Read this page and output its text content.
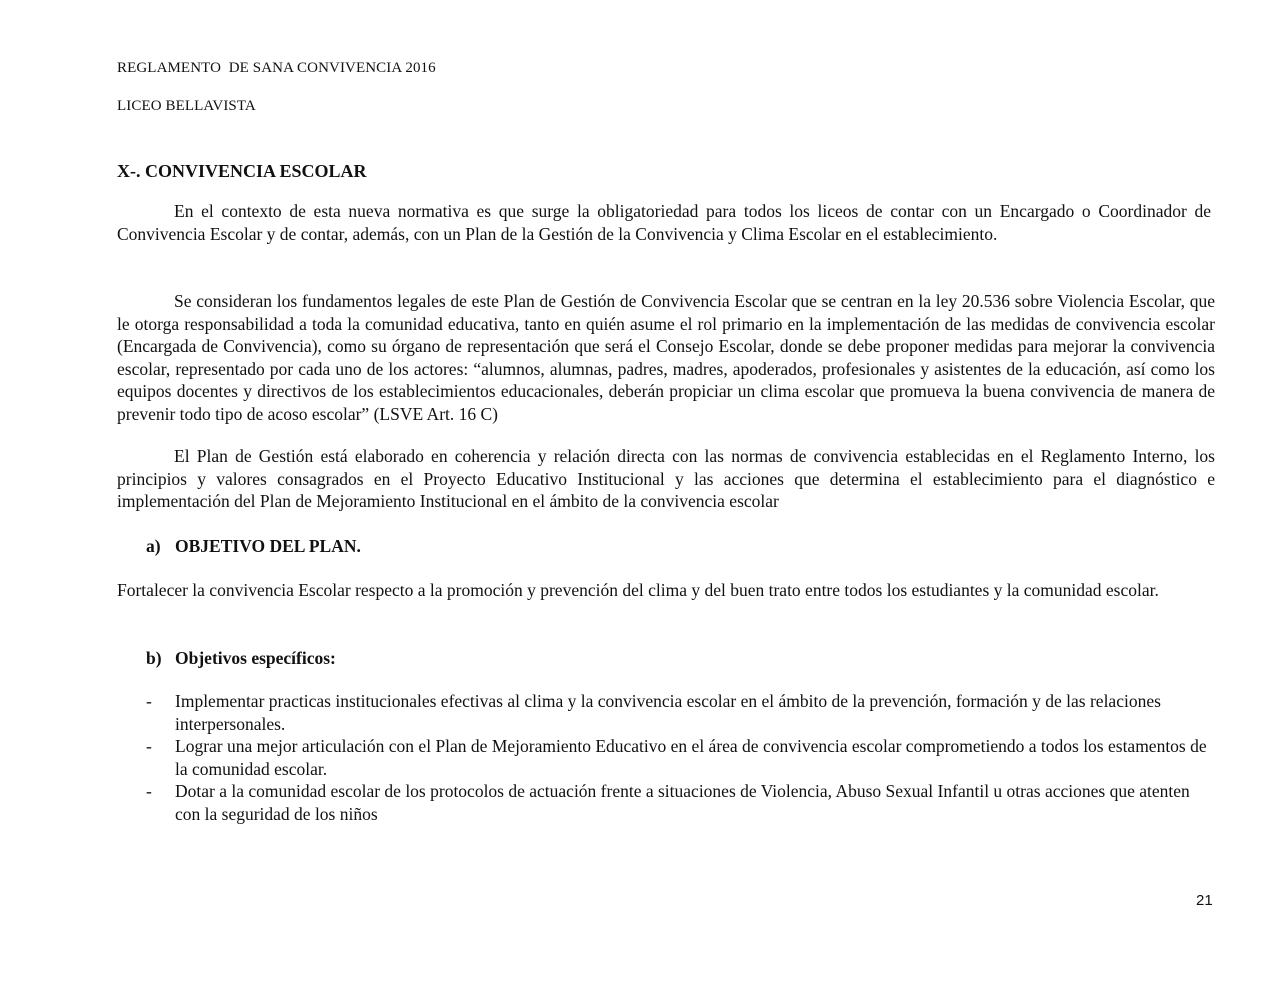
REGLAMENTO  DE SANA CONVIVENCIA 2016
LICEO BELLAVISTA
X-. CONVIVENCIA ESCOLAR

En el contexto de esta nueva normativa es que surge la obligatoriedad para todos los liceos de contar con un Encargado o Coordinador de Convivencia Escolar y de contar, además, con un Plan de la Gestión de la Convivencia y Clima Escolar en el establecimiento.

Se consideran los fundamentos legales de este Plan de Gestión de Convivencia Escolar que se centran en la ley 20.536 sobre Violencia Escolar, que le otorga responsabilidad a toda la comunidad educativa, tanto en quién asume el rol primario en la implementación de las medidas de convivencia escolar (Encargada de Convivencia), como su órgano de representación que será el Consejo Escolar, donde se debe proponer medidas para mejorar la convivencia escolar, representado por cada uno de los actores: “alumnos, alumnas, padres, madres, apoderados, profesionales y asistentes de la educación, así como los equipos docentes y directivos de los establecimientos educacionales, deberán propiciar un clima escolar que promueva la buena convivencia de manera de prevenir todo tipo de acoso escolar” (LSVE Art. 16 C)

El Plan de Gestión está elaborado en coherencia y relación directa con las normas de convivencia establecidas en el Reglamento Interno, los principios y valores consagrados en el Proyecto Educativo Institucional y las acciones que determina el establecimiento para el diagnóstico e implementación del Plan de Mejoramiento Institucional en el ámbito de la convivencia escolar

a) OBJETIVO DEL PLAN.

Fortalecer la convivencia Escolar respecto a la promoción y prevención del clima y del buen trato entre todos los estudiantes y la comunidad escolar.

b) Objetivos específicos:
- Implementar practicas institucionales efectivas al clima y la convivencia escolar en el ámbito de la prevención, formación y de las relaciones interpersonales.
- Lograr una mejor articulación con el Plan de Mejoramiento Educativo en el área de convivencia escolar comprometiendo a todos los estamentos de la comunidad escolar.
- Dotar a la comunidad escolar de los protocolos de actuación frente a situaciones de Violencia, Abuso Sexual Infantil u otras acciones que atenten con la seguridad de los niños
21
